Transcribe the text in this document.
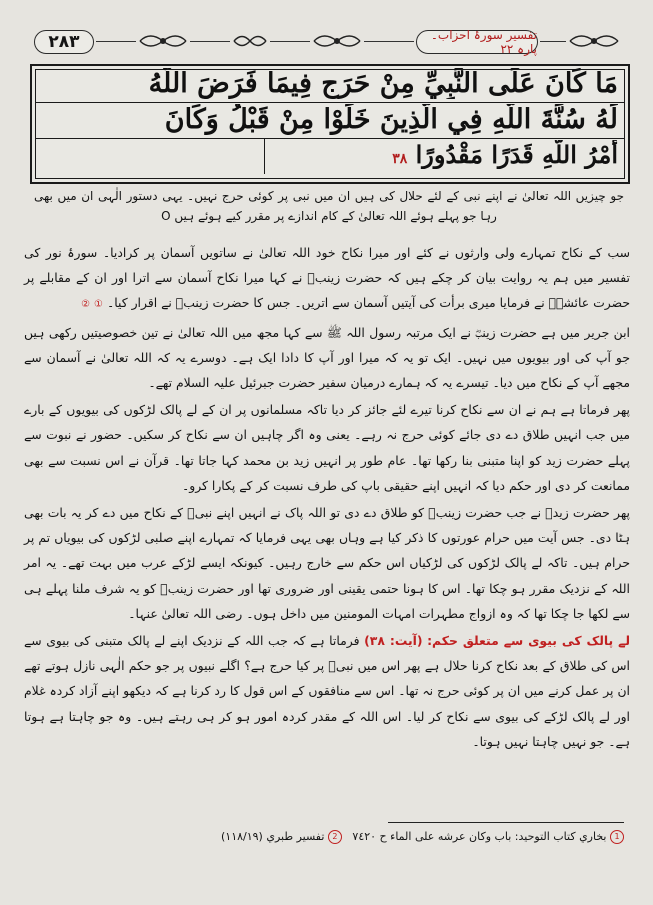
۲۸۳	تفسیر سورۂ احزاب۔ پارہ ۲۲
مَا كَانَ عَلَى النَّبِيِّ مِنْ حَرَجٍ فِيمَا فَرَضَ اللَّهُ
لَهُ سُنَّةَ اللَّهِ فِي الَّذِينَ خَلَوْا مِنْ قَبْلُ وَكَانَ
أَمْرُ اللَّهِ قَدَرًا مَقْدُورًا ۳۸
جو چیزیں اللہ تعالیٰ نے اپنے نبی کے لئے حلال کی ہیں ان میں نبی پر کوئی حرج نہیں۔ یہی دستور الٰہی ان میں بھی رہا جو پہلے ہوئے اللہ تعالیٰ کے کام اندازے پر مقرر کیے ہوئے ہیں O

سب کے نکاح تمہارے ولی وارثوں نے کئے اور میرا نکاح خود اللہ تعالیٰ نے ساتویں آسمان پر کرادیا۔ سورۂ نور کی تفسیر میں ہم یہ روایت بیان کر چکے ہیں کہ حضرت زینبؓ نے کہا میرا نکاح آسمان سے اترا اور ان کے مقابلے پر حضرت عائشہؓ نے فرمایا میری برأت کی آیتیں آسمان سے اتریں۔ جس کا حضرت زینبؓ نے اقرار کیا۔ ① ②

ابن جریر میں ہے حضرت زینبؓ نے ایک مرتبہ رسول اللہ ﷺ سے کہا مجھ میں اللہ تعالیٰ نے تین خصوصیتیں رکھی ہیں جو آپ کی اور بیویوں میں نہیں۔ ایک تو یہ کہ میرا اور آپ کا دادا ایک ہے۔ دوسرے یہ کہ اللہ تعالیٰ نے آسمان سے مجھے آپ کے نکاح میں دیا۔ تیسرے یہ کہ ہمارے درمیان سفیر حضرت جبرئیل علیہ السلام تھے۔

پھر فرماتا ہے ہم نے ان سے نکاح کرنا تیرے لئے جائز کر دیا تاکہ مسلمانوں پر ان کے لے پالک لڑکوں کی بیویوں کے بارے میں جب انہیں طلاق دے دی جائے کوئی حرج نہ رہے۔ یعنی وہ اگر چاہیں ان سے نکاح کر سکیں۔ حضور نے نبوت سے پہلے حضرت زید کو اپنا متبنی بنا رکھا تھا۔ عام طور پر انہیں زید بن محمد کہا جاتا تھا۔ قرآن نے اس نسبت سے بھی ممانعت کر دی اور حکم دیا کہ انہیں اپنے حقیقی باپ کی طرف نسبت کر کے پکارا کرو۔

پھر حضرت زیدؓ نے جب حضرت زینبؓ کو طلاق دے دی تو اللہ پاک نے انہیں اپنے نبیؐ کے نکاح میں دے کر یہ بات بھی ہٹا دی۔ جس آیت میں حرام عورتوں کا ذکر کیا ہے وہاں بھی یہی فرمایا کہ تمہارے اپنے صلبی لڑکوں کی بیویاں تم پر حرام ہیں۔ تاکہ لے پالک لڑکوں کی لڑکیاں اس حکم سے خارج رہیں۔ کیونکہ ایسے لڑکے عرب میں بہت تھے۔ یہ امر اللہ کے نزدیک مقرر ہو چکا تھا۔ اس کا ہونا حتمی یقینی اور ضروری تھا اور حضرت زینبؓ کو یہ شرف ملنا پہلے ہی سے لکھا جا چکا تھا کہ وہ ازواج مطہرات امہات المومنین میں داخل ہوں۔ رضی اللہ تعالیٰ عنہا۔

لے پالک کی بیوی سے متعلق حکم: (آیت: ۳۸) فرماتا ہے کہ جب اللہ کے نزدیک اپنے لے پالک متبنی کی بیوی سے اس کی طلاق کے بعد نکاح کرنا حلال ہے پھر اس میں نبیؐ پر کیا حرج ہے؟ اگلے نبیوں پر جو حکم الٰہی نازل ہوتے تھے ان پر عمل کرنے میں ان پر کوئی حرج نہ تھا۔ اس سے منافقوں کے اس قول کا رد کرنا ہے کہ دیکھو اپنے آزاد کردہ غلام اور لے پالک لڑکے کی بیوی سے نکاح کر لیا۔ اس اللہ کے مقدر کردہ امور ہو کر ہی رہتے ہیں۔ وہ جو چاہتا ہے ہوتا ہے۔ جو نہیں چاہتا نہیں ہوتا۔

1 بخاري كتاب التوحيد: باب وكان عرشه على الماء ح ٧٤٢٠   2 تفسير طبري (١١٨/١٩)
